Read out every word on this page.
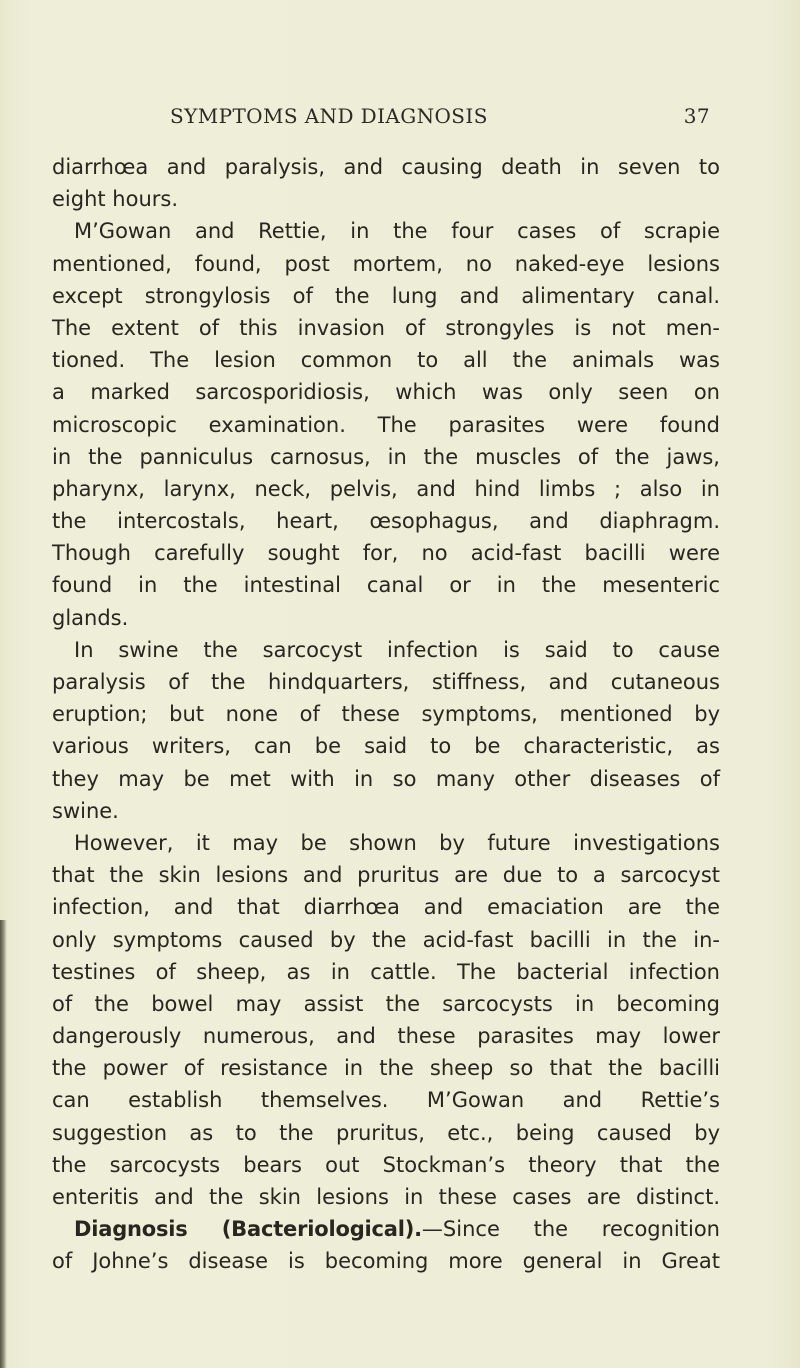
SYMPTOMS AND DIAGNOSIS	37
diarrhœa and paralysis, and causing death in seven to
eight hours.
M’Gowan and Rettie, in the four cases of scrapie
mentioned, found, post mortem, no naked-eye lesions
except strongylosis of the lung and alimentary canal.
The extent of this invasion of strongyles is not men-
tioned. The lesion common to all the animals was
a marked sarcosporidiosis, which was only seen on
microscopic examination. The parasites were found
in the panniculus carnosus, in the muscles of the jaws,
pharynx, larynx, neck, pelvis, and hind limbs ; also in
the intercostals, heart, œsophagus, and diaphragm.
Though carefully sought for, no acid-fast bacilli were
found in the intestinal canal or in the mesenteric
glands.
In swine the sarcocyst infection is said to cause
paralysis of the hindquarters, stiffness, and cutaneous
eruption; but none of these symptoms, mentioned by
various writers, can be said to be characteristic, as
they may be met with in so many other diseases of
swine.
However, it may be shown by future investigations
that the skin lesions and pruritus are due to a sarcocyst
infection, and that diarrhœa and emaciation are the
only symptoms caused by the acid-fast bacilli in the in-
testines of sheep, as in cattle. The bacterial infection
of the bowel may assist the sarcocysts in becoming
dangerously numerous, and these parasites may lower
the power of resistance in the sheep so that the bacilli
can establish themselves. M’Gowan and Rettie’s
suggestion as to the pruritus, etc., being caused by
the sarcocysts bears out Stockman’s theory that the
enteritis and the skin lesions in these cases are distinct.
Diagnosis (Bacteriological).—Since the recognition
of Johne’s disease is becoming more general in Great
